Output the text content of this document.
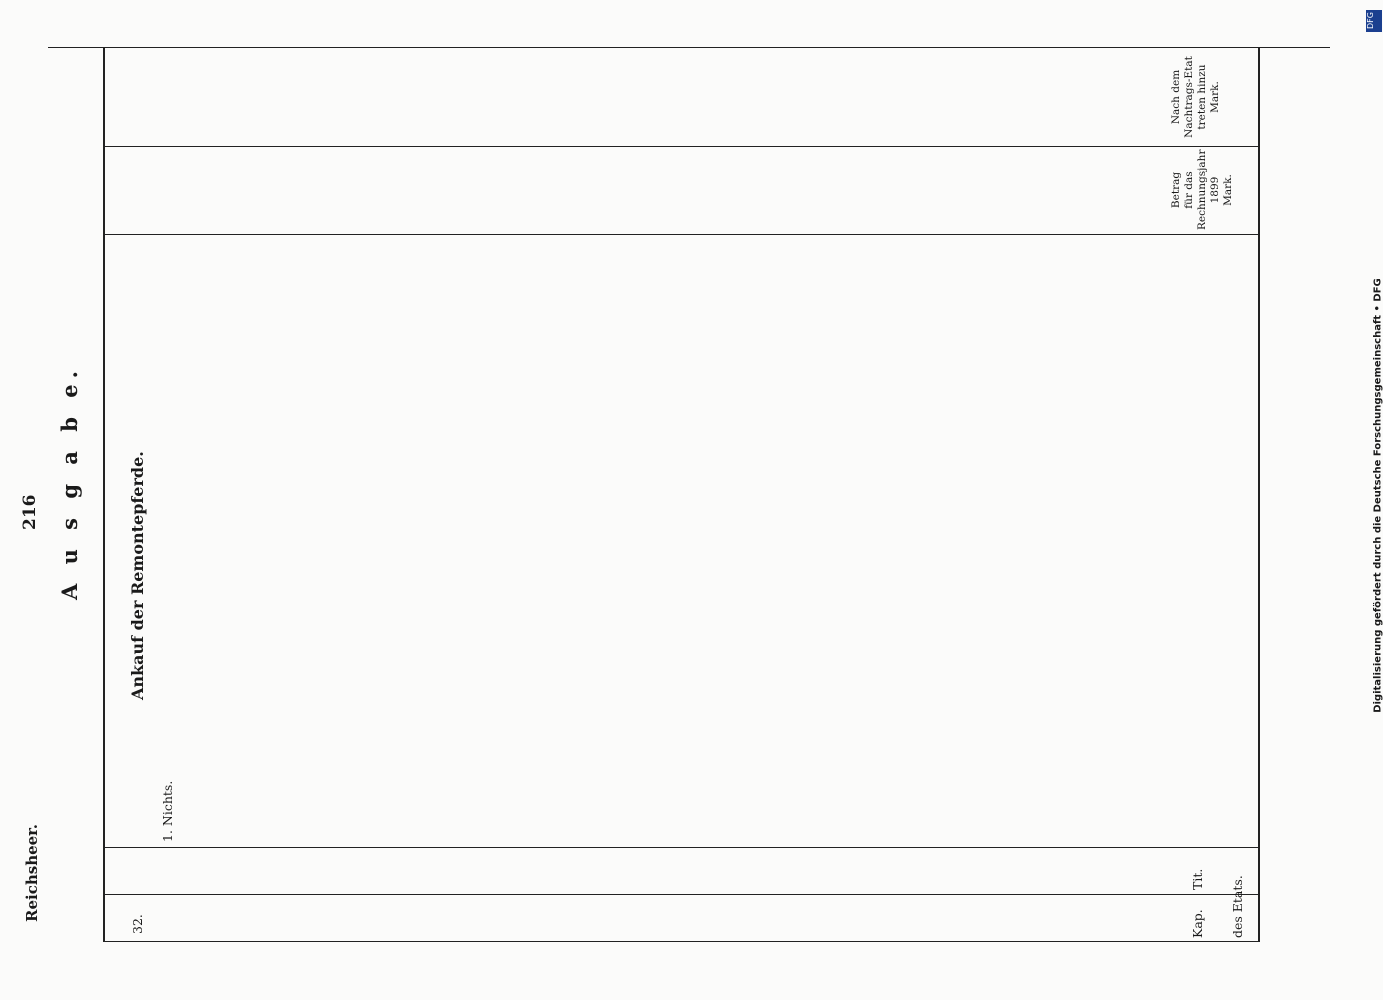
Reichsheer.
216 A u s g a b e.
Kap.
Tit. des Etats.
Betrag für das Rechnungsjahr 1899 Mark.
Nach dem Nachtrags-Etat treten hinzu Mark.
32.
Ankauf der Remontepferde.
1. Nichts.
DFG
Digitalisierung gefördert durch die Deutsche Forschungsgemeinschaft • DFG
